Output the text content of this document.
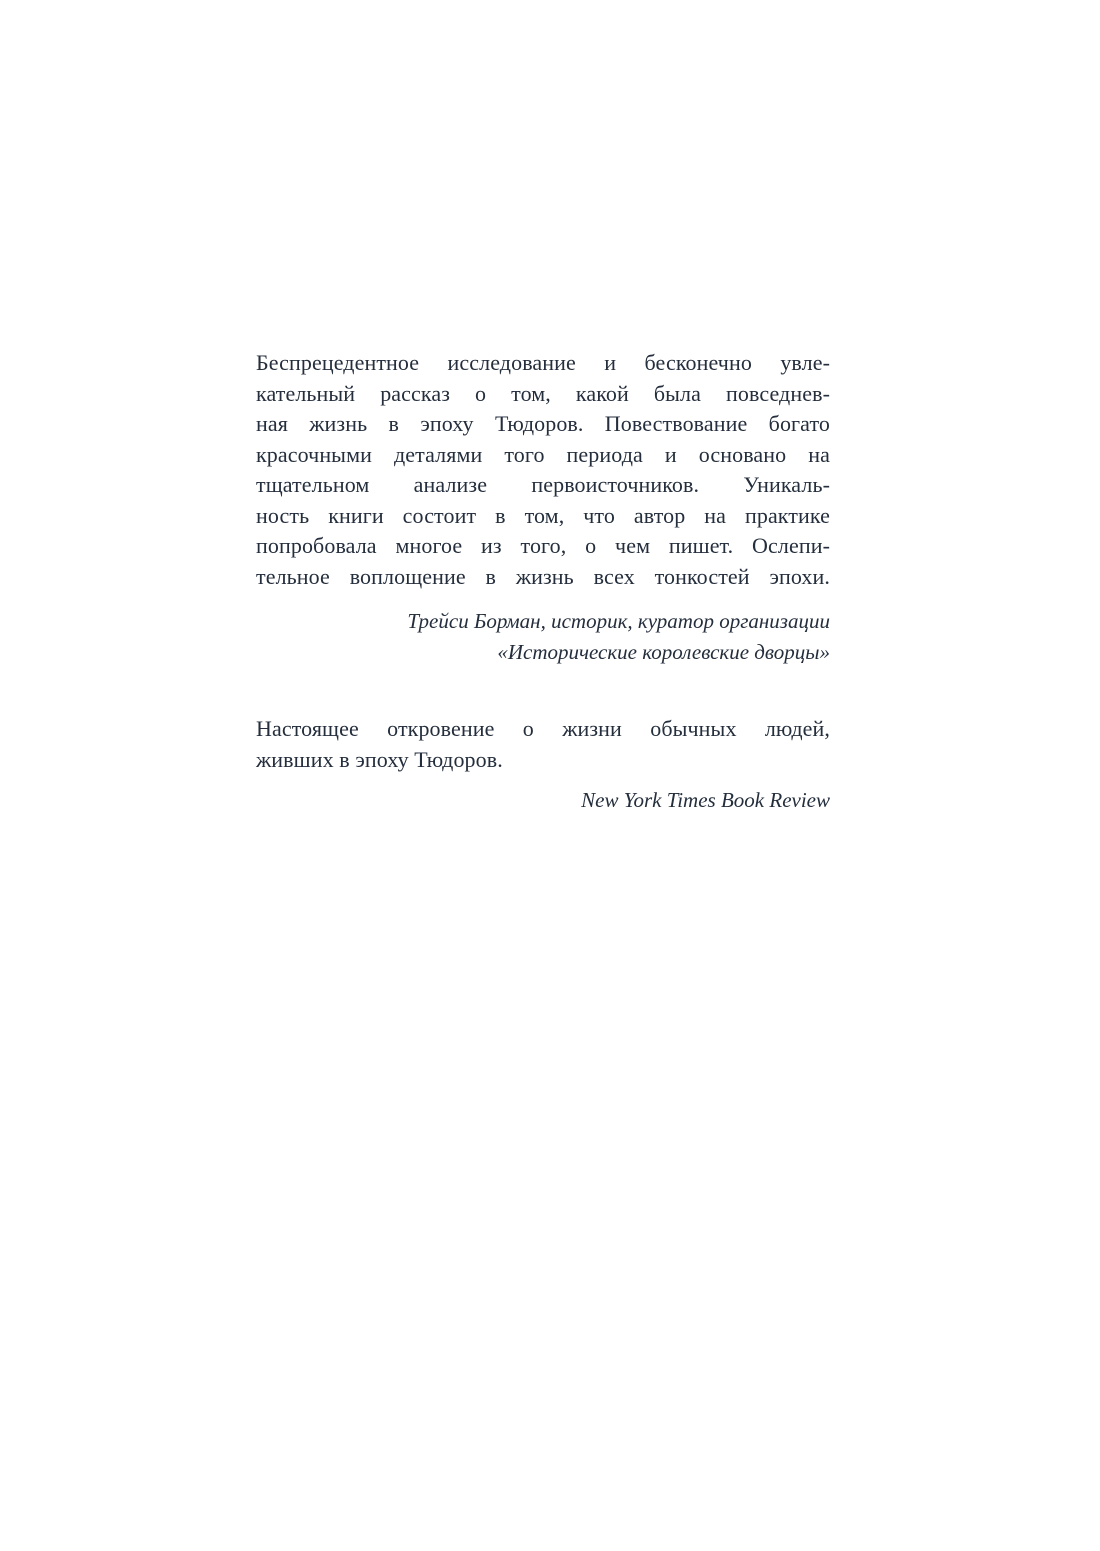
Беспрецедентное исследование и бесконечно увле-
кательный рассказ о том, какой была повседнев-
ная жизнь в эпоху Тюдоров. Повествование богато
красочными деталями того периода и основано на
тщательном анализе первоисточников. Уникаль-
ность книги состоит в том, что автор на практике
попробовала многое из того, о чем пишет. Ослепи-
тельное воплощение в жизнь всех тонкостей эпохи.
Трейси Борман, историк, куратор организации
«Исторические королевские дворцы»
Настоящее откровение о жизни обычных людей,
живших в эпоху Тюдоров.
New York Times Book Review
